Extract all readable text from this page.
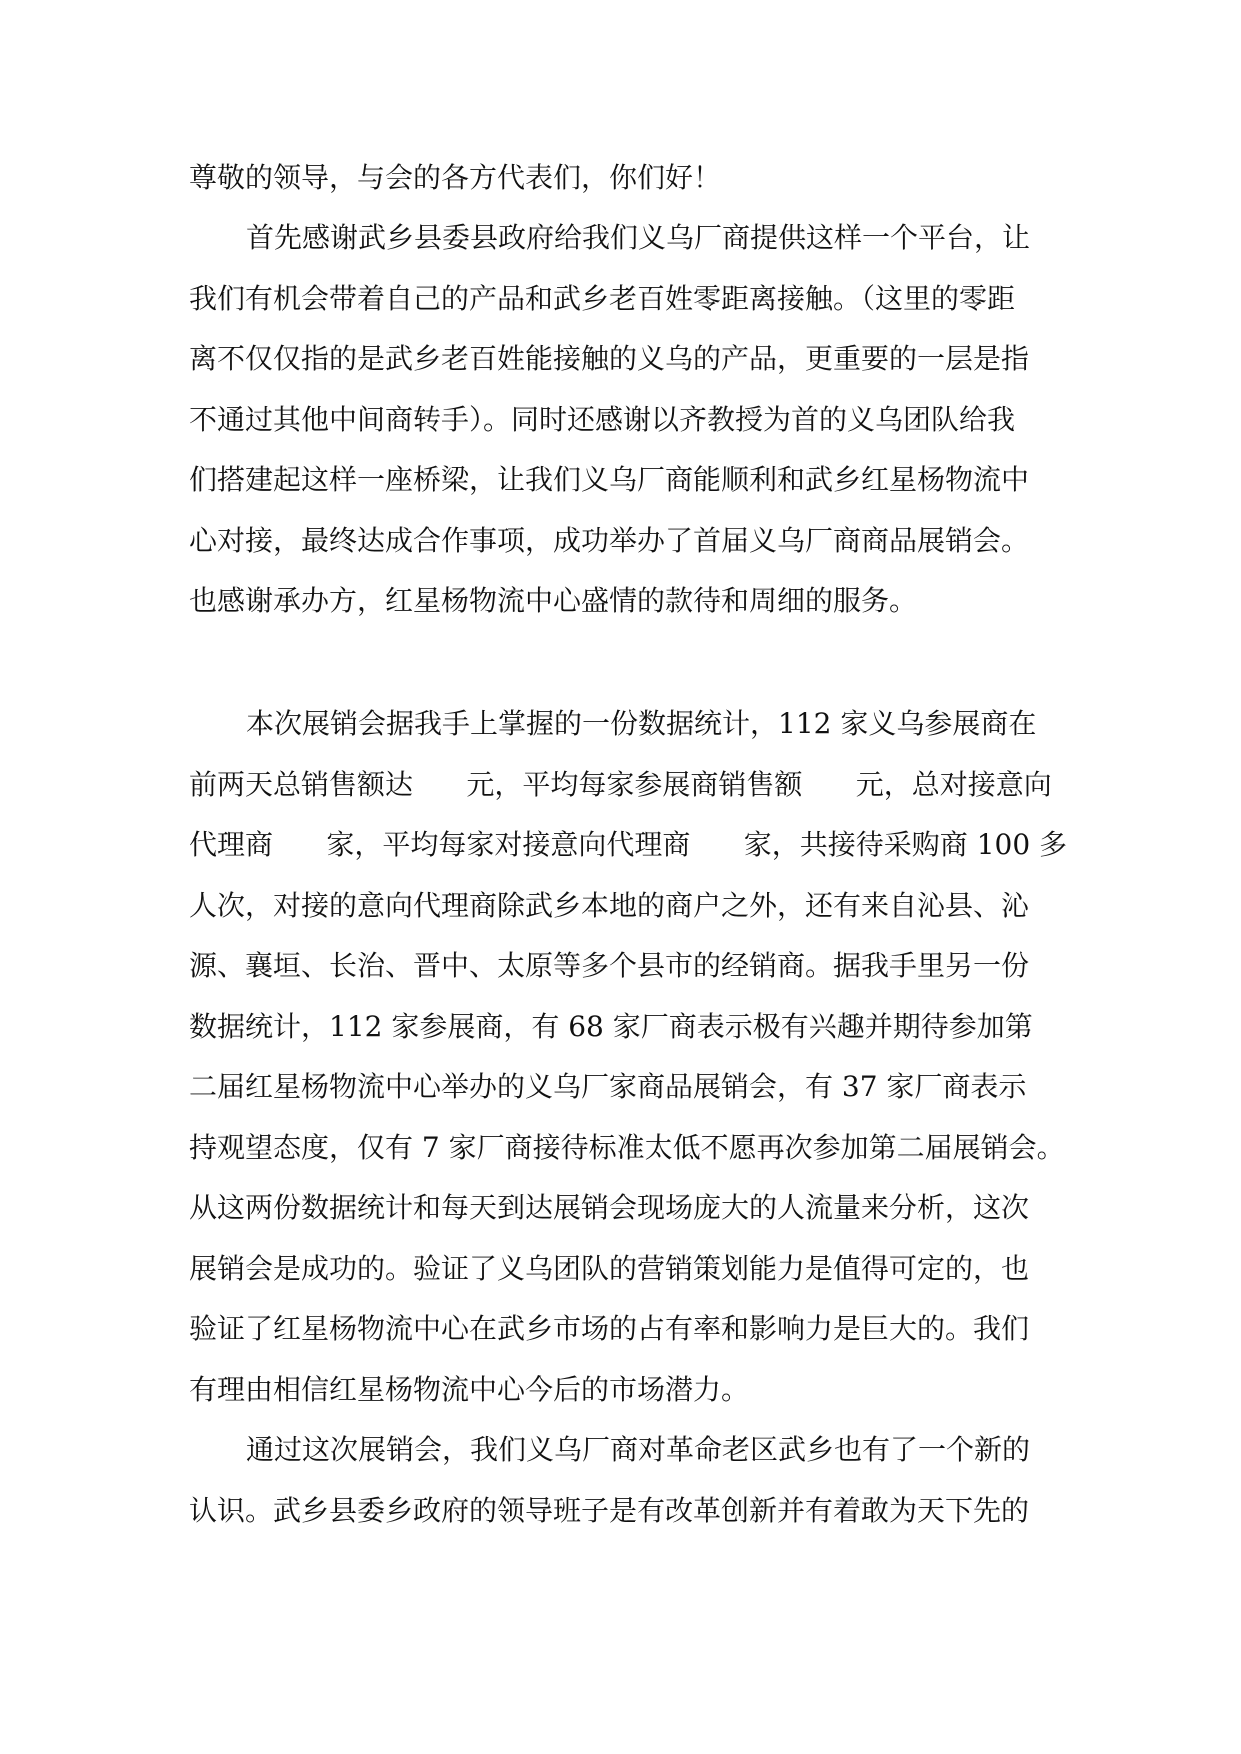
尊敬的领导，与会的各方代表们，你们好！
首先感谢武乡县委县政府给我们义乌厂商提供这样一个平台，让
我们有机会带着自己的产品和武乡老百姓零距离接触。（这里的零距
离不仅仅指的是武乡老百姓能接触的义乌的产品，更重要的一层是指
不通过其他中间商转手）。同时还感谢以齐教授为首的义乌团队给我
们搭建起这样一座桥梁，让我们义乌厂商能顺利和武乡红星杨物流中
心对接，最终达成合作事项，成功举办了首届义乌厂商商品展销会。
也感谢承办方，红星杨物流中心盛情的款待和周细的服务。
本次展销会据我手上掌握的一份数据统计，112 家义乌参展商在
前两天总销售额达      元，平均每家参展商销售额      元，总对接意向
代理商      家，平均每家对接意向代理商      家，共接待采购商 100 多
人次，对接的意向代理商除武乡本地的商户之外，还有来自沁县、沁
源、襄垣、长治、晋中、太原等多个县市的经销商。据我手里另一份
数据统计，112 家参展商，有 68 家厂商表示极有兴趣并期待参加第
二届红星杨物流中心举办的义乌厂家商品展销会，有 37 家厂商表示
持观望态度，仅有 7 家厂商接待标准太低不愿再次参加第二届展销会。
从这两份数据统计和每天到达展销会现场庞大的人流量来分析，这次
展销会是成功的。验证了义乌团队的营销策划能力是值得可定的，也
验证了红星杨物流中心在武乡市场的占有率和影响力是巨大的。我们
有理由相信红星杨物流中心今后的市场潜力。
通过这次展销会，我们义乌厂商对革命老区武乡也有了一个新的
认识。武乡县委乡政府的领导班子是有改革创新并有着敢为天下先的
